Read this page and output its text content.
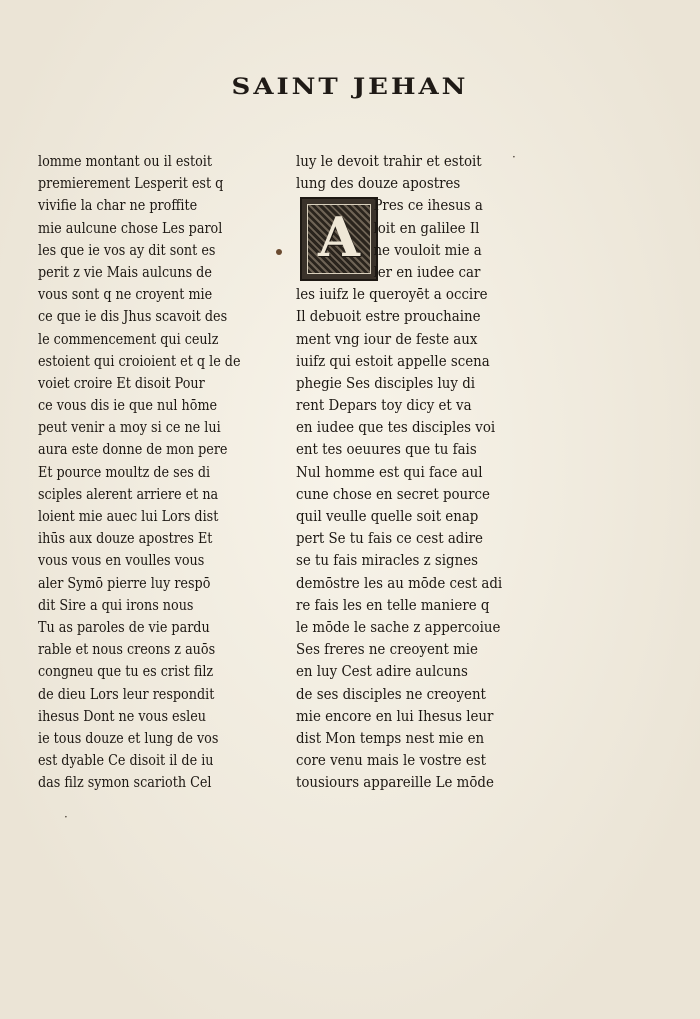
SAINT JEHAN
·
·
A
lomme montant ou il estoit
premierement Lesperit est q
vivifie la char ne proffite
mie aulcune chose Les parol
les que ie vos ay dit sont es
perit z vie Mais aulcuns de
vous sont q ne croyent mie
ce que ie dis Jhus scavoit des
le commencement qui ceulz
estoient qui croioient et q le de
voiet croire Et disoit Pour
ce vous dis ie que nul hōme
peut venir a moy si ce ne lui
aura este donne de mon pere
Et pource moultz de ses di
sciples alerent arriere et na
loient mie auec lui Lors dist
ihūs aux douze apostres Et
vous vous en voulles vous
aler Symō pierre luy respō
dit Sire a qui irons nous
Tu as paroles de vie pardu
rable et nous creons z auōs
congneu que tu es crist filz
de dieu Lors leur respondit
ihesus Dont ne vous esleu
ie tous douze et lung de vos
est dyable Ce disoit il de iu
das filz symon scarioth Cel
luy le devoit trahir et estoit
lung des douze apostres
Pres ce ihesus a
loit en galilee Il
ne vouloit mie a
ler en iudee car
les iuifz le queroyēt a occire
Il debuoit estre prouchaine
ment vng iour de feste aux
iuifz qui estoit appelle scena
phegie Ses disciples luy di
rent Depars toy dicy et va
en iudee que tes disciples voi
ent tes oeuures que tu fais
Nul homme est qui face aul
cune chose en secret pource
quil veulle quelle soit enap
pert Se tu fais ce cest adire
se tu fais miracles z signes
demōstre les au mōde cest adi
re fais les en telle maniere q
le mōde le sache z appercoiue
Ses freres ne creoyent mie
en luy Cest adire aulcuns
de ses disciples ne creoyent
mie encore en lui Ihesus leur
dist Mon temps nest mie en
core venu mais le vostre est
tousiours appareille Le mōde
